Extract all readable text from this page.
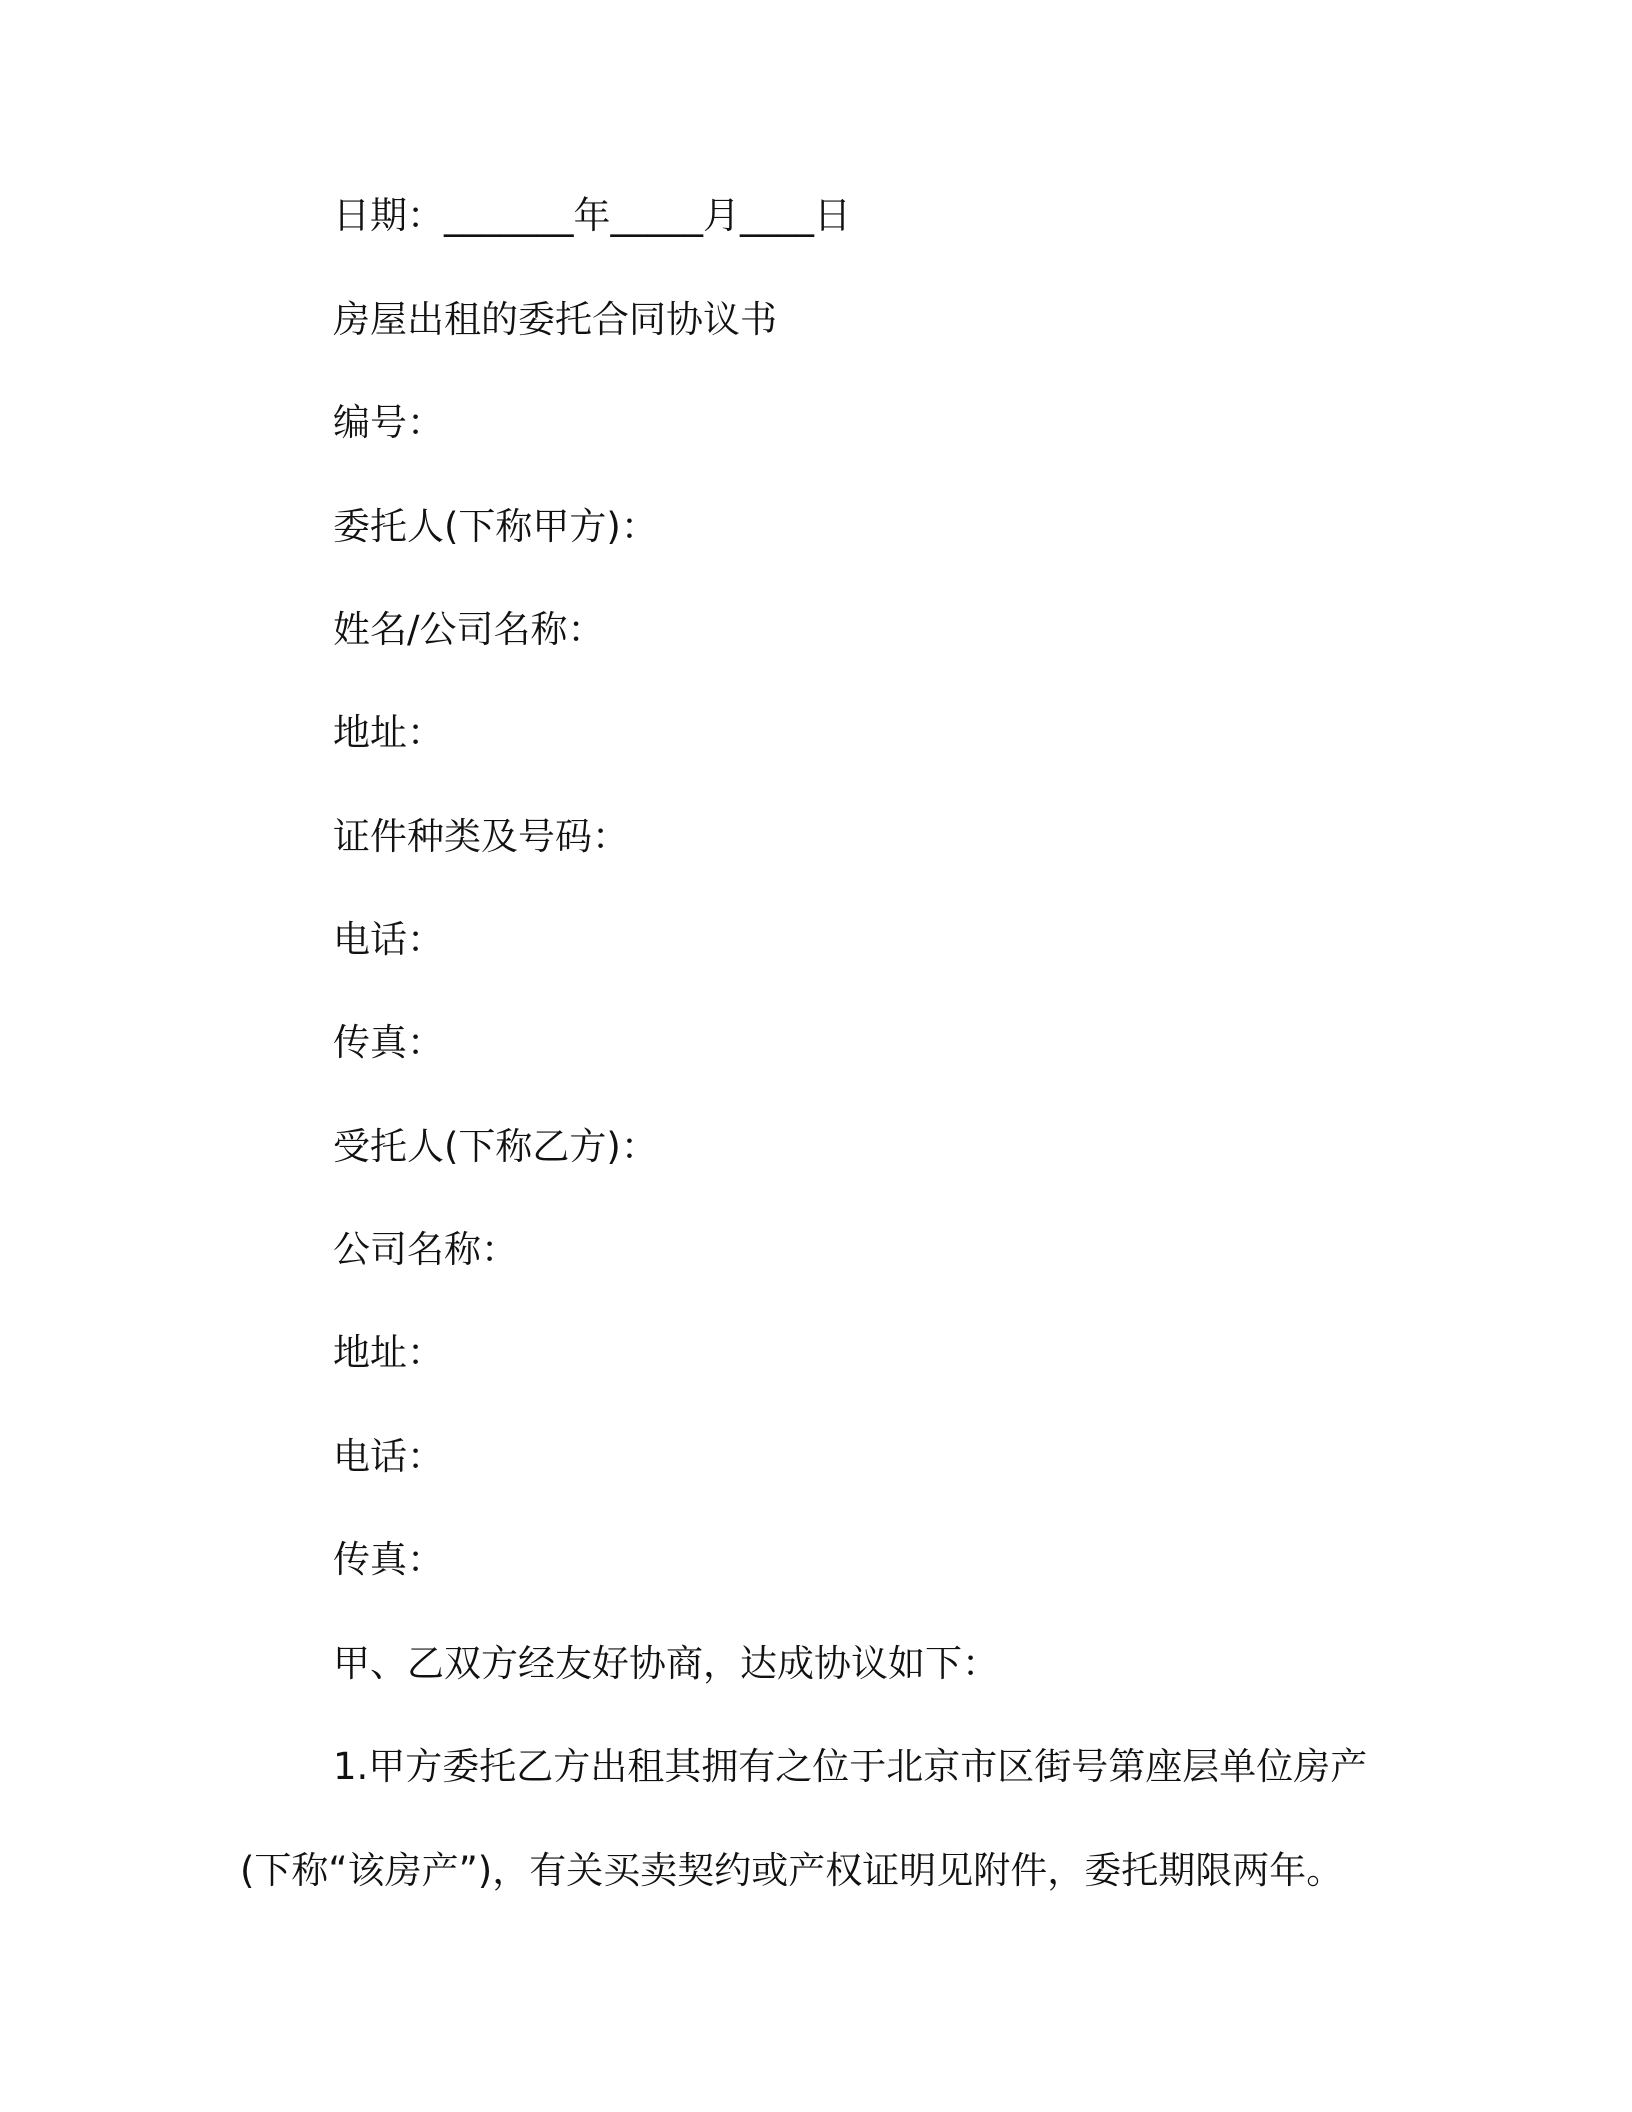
日期：_______年_____月____日
房屋出租的委托合同协议书
编号：
委托人(下称甲方)：
姓名/公司名称：
地址：
证件种类及号码：
电话：
传真：
受托人(下称乙方)：
公司名称：
地址：
电话：
传真：
甲、乙双方经友好协商，达成协议如下：
1.甲方委托乙方出租其拥有之位于北京市区街号第座层单位房产
(下称“该房产”)，有关买卖契约或产权证明见附件，委托期限两年。
